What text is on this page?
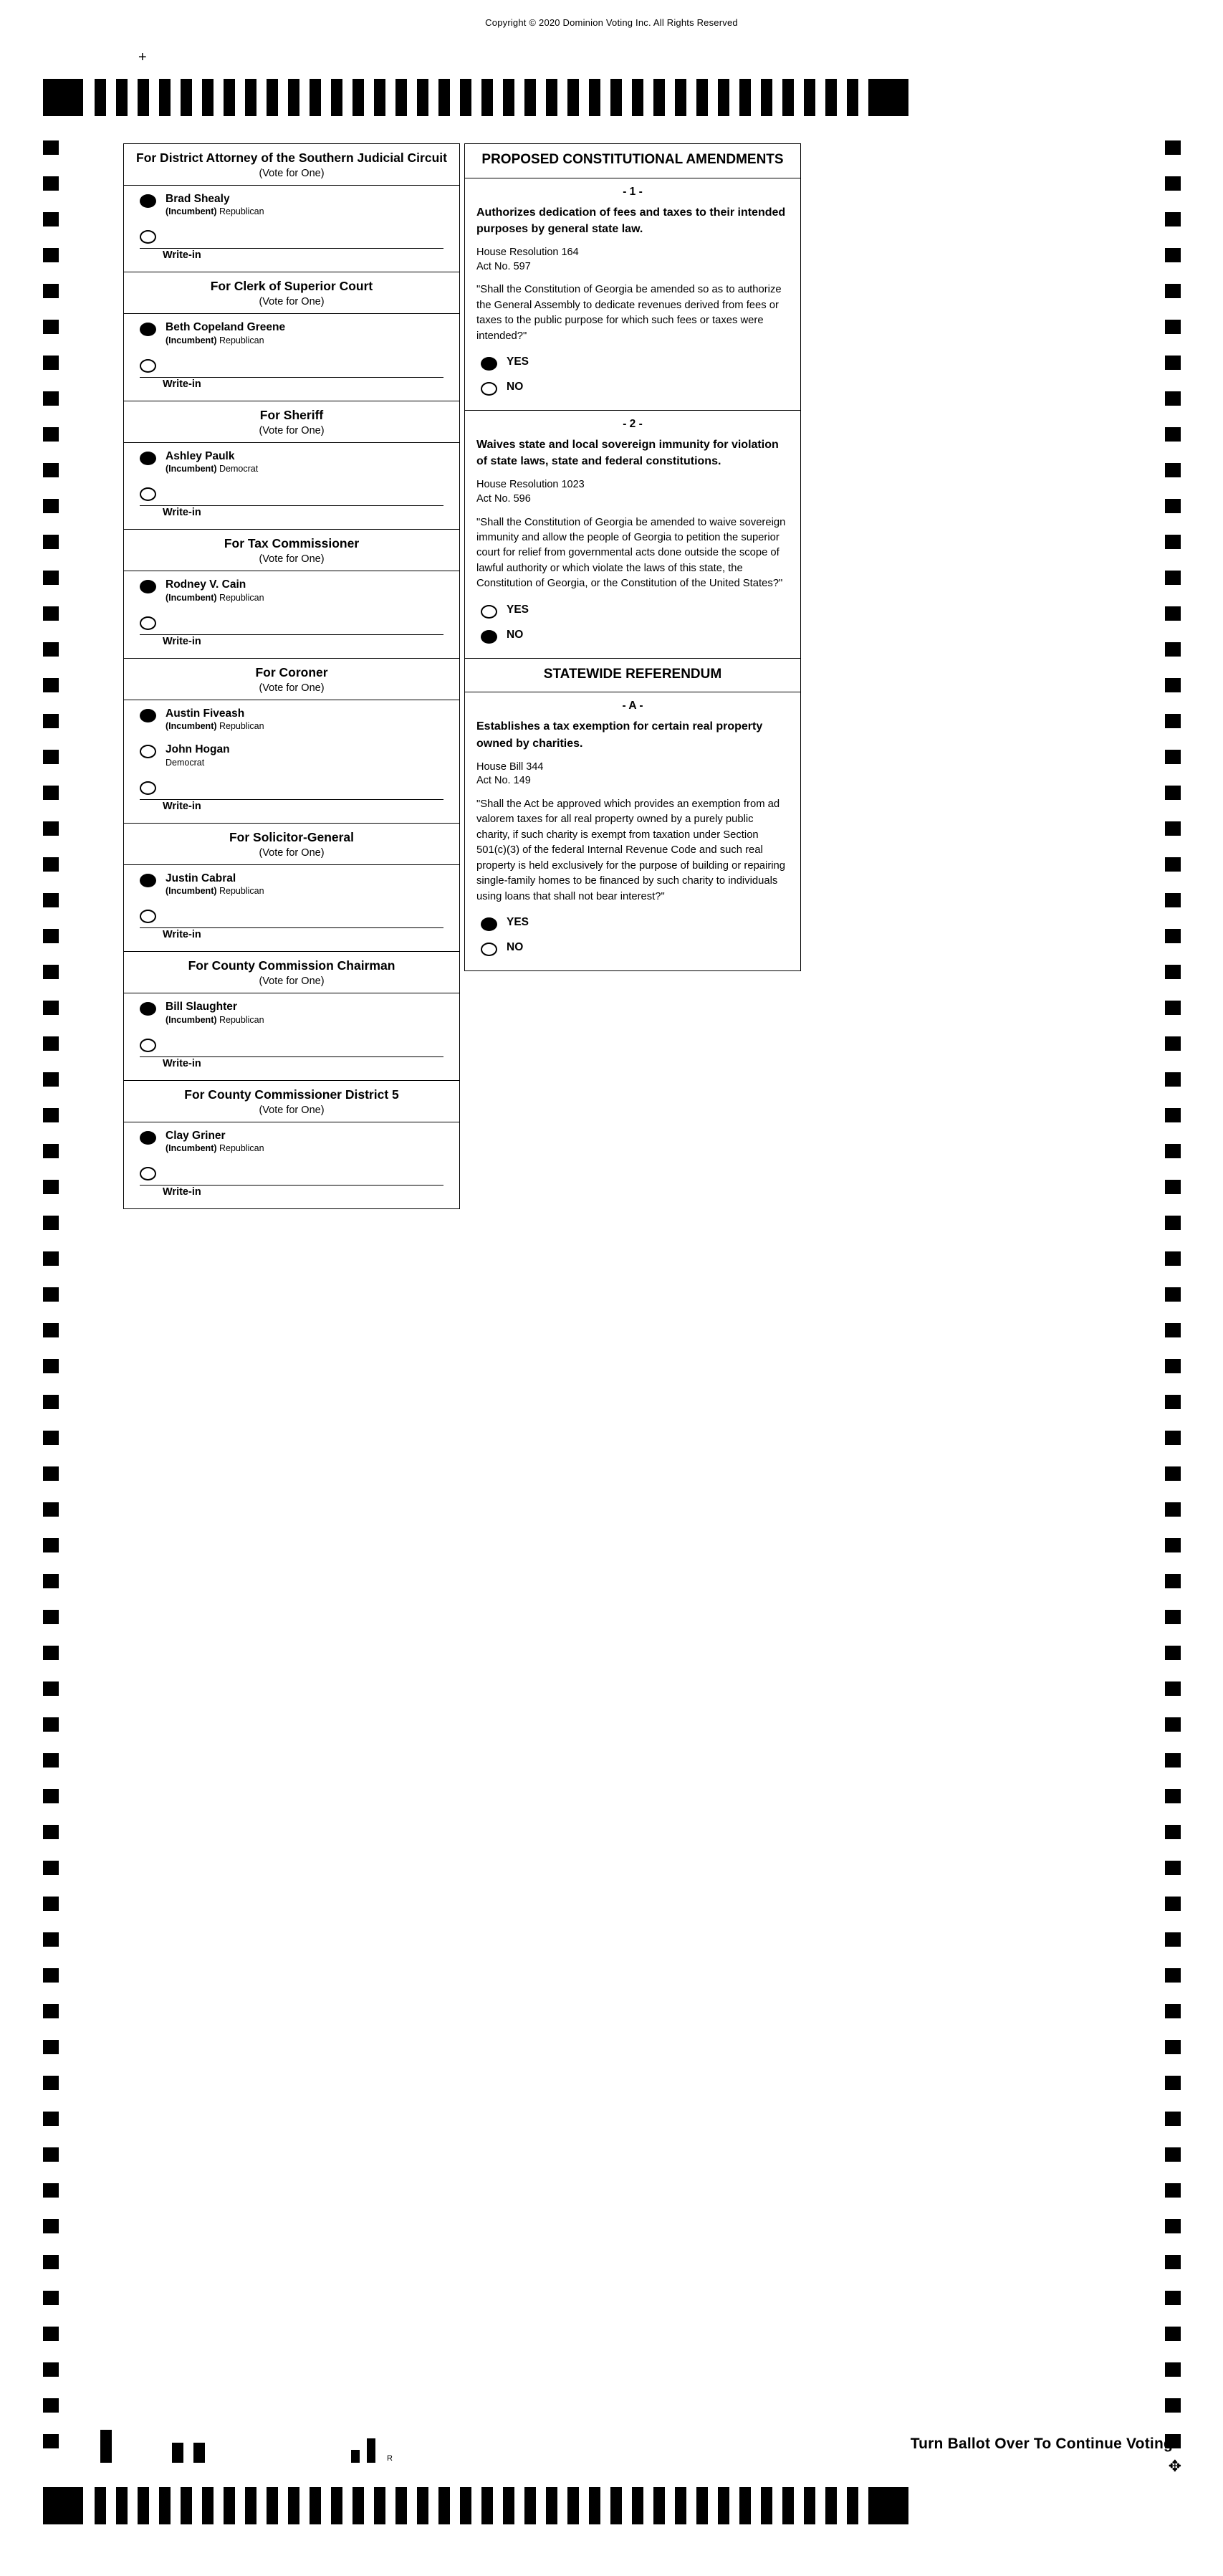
Copyright © 2020 Dominion Voting Inc. All Rights Reserved
+
R
Turn Ballot Over To Continue Voting
✥
For District Attorney of the Southern Judicial Circuit
(Vote for One)
Brad Shealy
(Incumbent) Republican
Write-in
For Clerk of Superior Court
(Vote for One)
Beth Copeland Greene
(Incumbent) Republican
Write-in
For Sheriff
(Vote for One)
Ashley Paulk
(Incumbent) Democrat
Write-in
For Tax Commissioner
(Vote for One)
Rodney V. Cain
(Incumbent) Republican
Write-in
For Coroner
(Vote for One)
Austin Fiveash
(Incumbent) Republican
John Hogan
Democrat
Write-in
For Solicitor-General
(Vote for One)
Justin Cabral
(Incumbent) Republican
Write-in
For County Commission Chairman
(Vote for One)
Bill Slaughter
(Incumbent) Republican
Write-in
For County Commissioner District 5
(Vote for One)
Clay Griner
(Incumbent) Republican
Write-in
PROPOSED CONSTITUTIONAL AMENDMENTS
- 1 -
Authorizes dedication of fees and taxes to their intended purposes by general state law.
House Resolution 164
Act No. 597
"Shall the Constitution of Georgia be amended so as to authorize the General Assembly to dedicate revenues derived from fees or taxes to the public purpose for which such fees or taxes were intended?"
YES
NO
- 2 -
Waives state and local sovereign immunity for violation of state laws, state and federal constitutions.
House Resolution 1023
Act No. 596
"Shall the Constitution of Georgia be amended to waive sovereign immunity and allow the people of Georgia to petition the superior court for relief from governmental acts done outside the scope of lawful authority or which violate the laws of this state, the Constitution of Georgia, or the Constitution of the United States?"
YES
NO
STATEWIDE REFERENDUM
- A -
Establishes a tax exemption for certain real property owned by charities.
House Bill 344
Act No. 149
"Shall the Act be approved which provides an exemption from ad valorem taxes for all real property owned by a purely public charity, if such charity is exempt from taxation under Section 501(c)(3) of the federal Internal Revenue Code and such real property is held exclusively for the purpose of building or repairing single-family homes to be financed by such charity to individuals using loans that shall not bear interest?"
YES
NO
